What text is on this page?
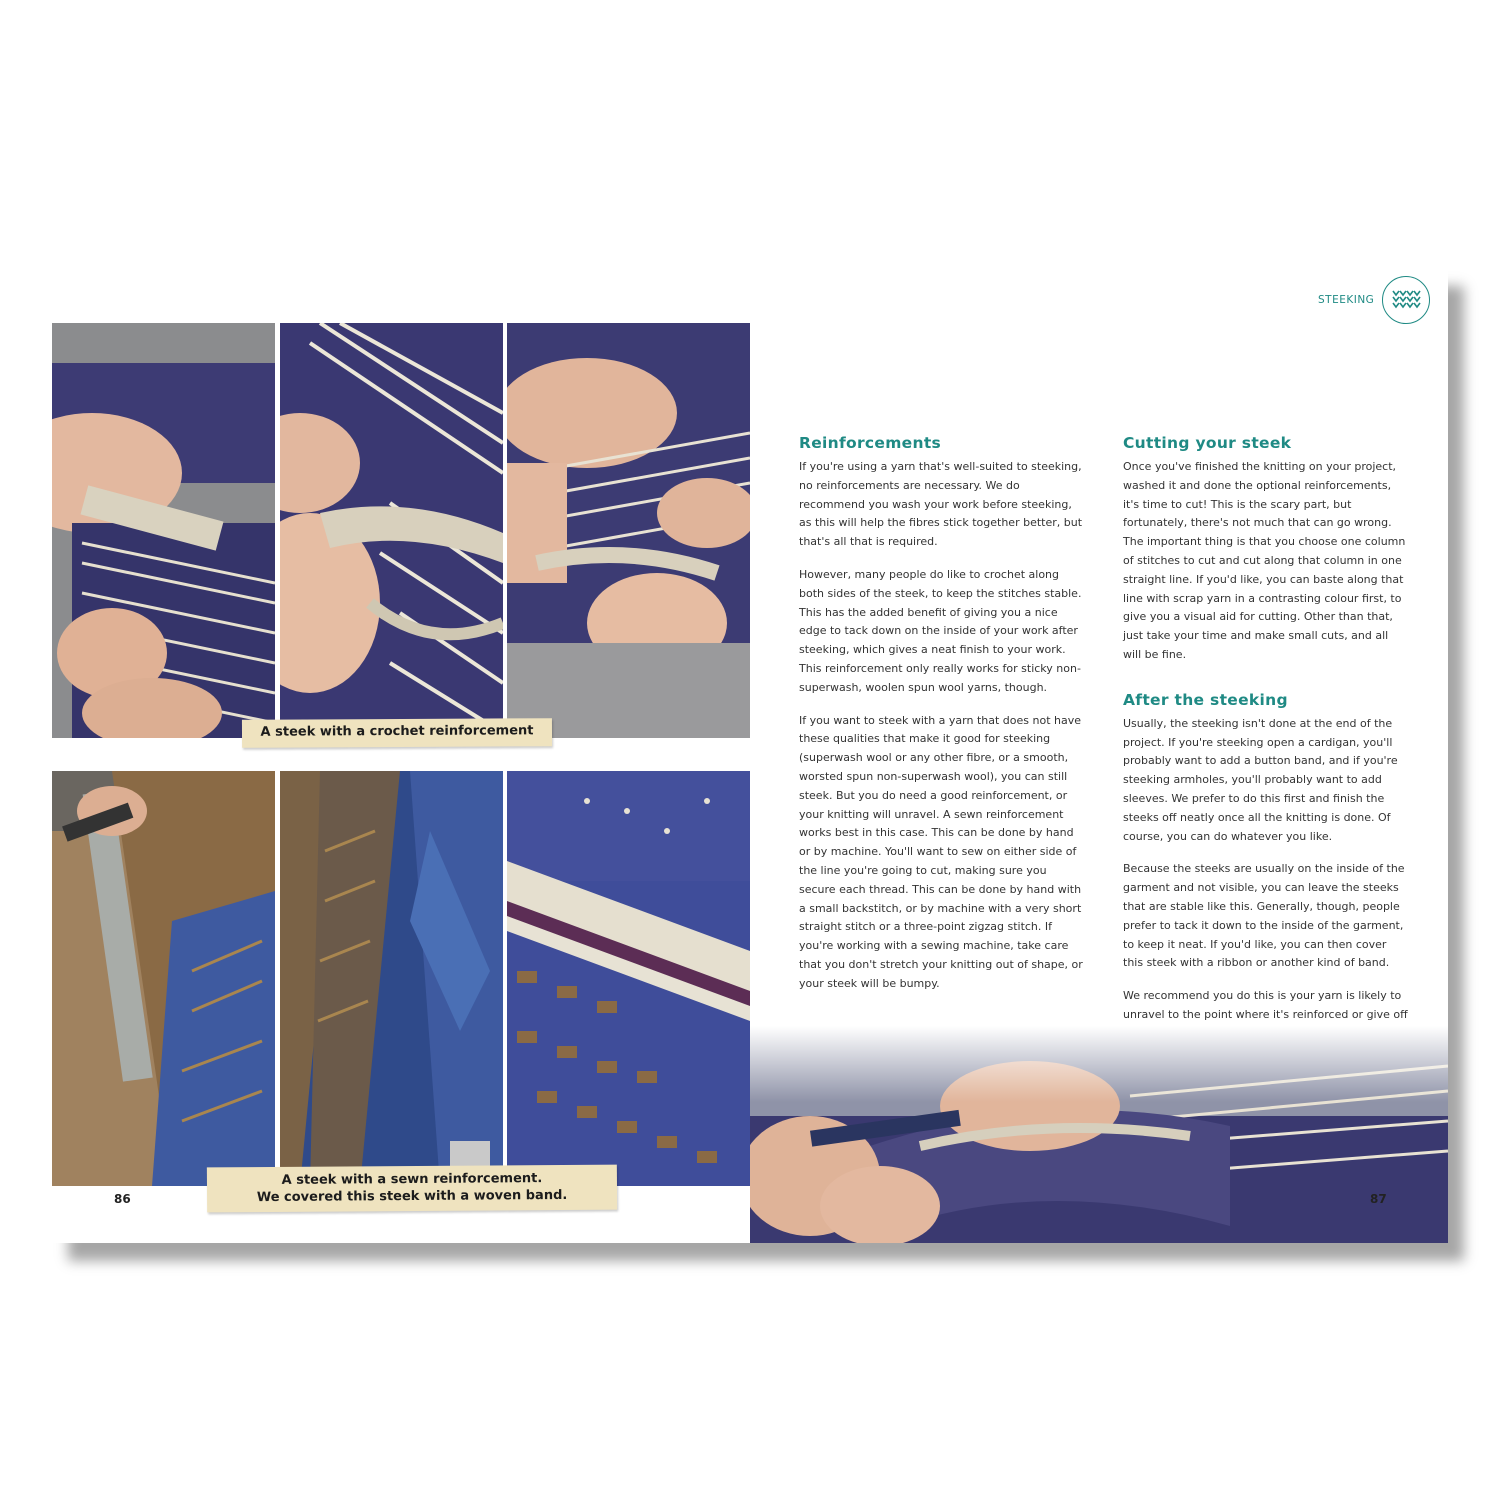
A steek with a crochet reinforcement
A steek with a sewn reinforcement.
We covered this steek with a woven band.
86
STEEKING
Reinforcements

If you're using a yarn that's well-suited to steeking, no reinforcements are necessary. We do recommend you wash your work before steeking, as this will help the fibres stick together better, but that's all that is required.

However, many people do like to crochet along both sides of the steek, to keep the stitches stable. This has the added benefit of giving you a nice edge to tack down on the inside of your work after steeking, which gives a neat finish to your work. This reinforcement only really works for sticky non-superwash, woolen spun wool yarns, though.

If you want to steek with a yarn that does not have these qualities that make it good for steeking (superwash wool or any other fibre, or a smooth, worsted spun non-superwash wool), you can still steek. But you do need a good reinforcement, or your knitting will unravel. A sewn reinforcement works best in this case. This can be done by hand or by machine. You'll want to sew on either side of the line you're going to cut, making sure you secure each thread. This can be done by hand with a small backstitch, or by machine with a very short straight stitch or a three-point zigzag stitch. If you're working with a sewing machine, take care that you don't stretch your knitting out of shape, or your steek will be bumpy.

Cutting your steek

Once you've finished the knitting on your project, washed it and done the optional reinforcements, it's time to cut! This is the scary part, but fortunately, there's not much that can go wrong. The important thing is that you choose one column of stitches to cut and cut along that column in one straight line. If you'd like, you can baste along that line with scrap yarn in a contrasting colour first, to give you a visual aid for cutting. Other than that, just take your time and make small cuts, and all will be fine.

After the steeking

Usually, the steeking isn't done at the end of the project. If you're steeking open a cardigan, you'll probably want to add a button band, and if you're steeking armholes, you'll probably want to add sleeves. We prefer to do this first and finish the steeks off neatly once all the knitting is done. Of course, you can do whatever you like.

Because the steeks are usually on the inside of the garment and not visible, you can leave the steeks that are stable like this. Generally, though, people prefer to tack it down to the inside of the garment, to keep it neat. If you'd like, you can then cover this steek with a ribbon or another kind of band.

We recommend you do this is your yarn is likely to unravel to the point where it's reinforced or give off

87
